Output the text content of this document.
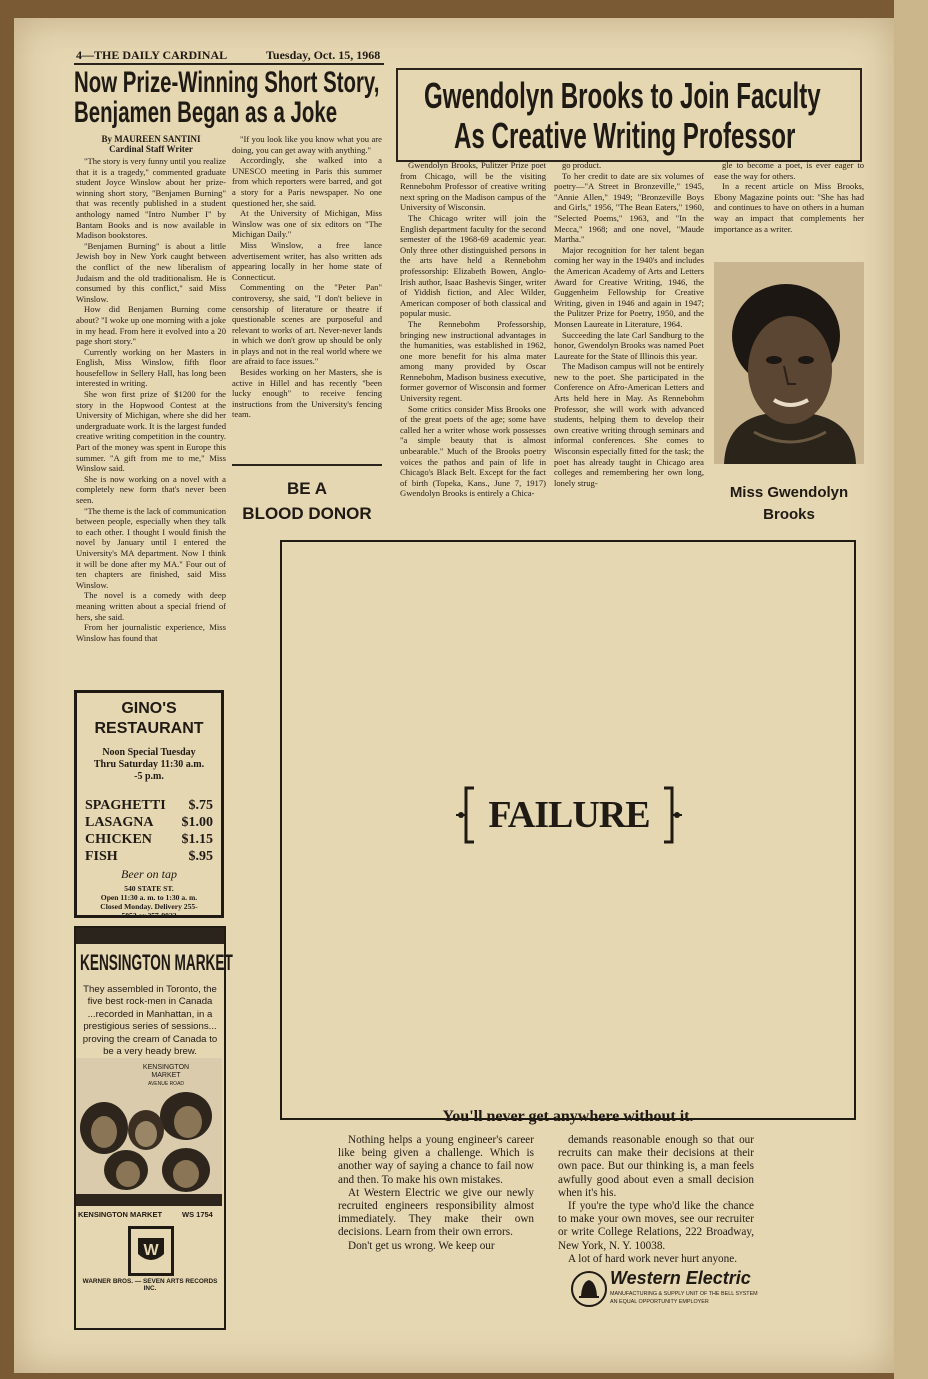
4—THE DAILY CARDINAL	Tuesday, Oct. 15, 1968
Now Prize-Winning Short Story,
Benjamen Began as a Joke
By MAUREEN SANTINI
Cardinal Staff Writer

"The story is very funny until you realize that it is a tragedy," commented graduate student Joyce Winslow about her prize-winning short story, "Benjamen Burning" that was recently published in a student anthology named "Intro Number I" by Bantam Books and is now available in Madison bookstores.

"Benjamen Burning" is about a little Jewish boy in New York caught between the conflict of the new liberalism of Judaism and the old traditionalism. He is consumed by this conflict," said Miss Winslow.

How did Benjamen Burning come about? "I woke up one morning with a joke in my head. From here it evolved into a 20 page short story."

Currently working on her Masters in English, Miss Winslow, fifth floor housefellow in Sellery Hall, has long been interested in writing.

She won first prize of $1200 for the story in the Hopwood Contest at the University of Michigan, where she did her undergraduate work. It is the largest funded creative writing competition in the country. Part of the money was spent in Europe this summer. "A gift from me to me," Miss Winslow said.

She is now working on a novel with a completely new form that's never been seen.

"The theme is the lack of communication between people, especially when they talk to each other. I thought I would finish the novel by January until I entered the University's MA department. Now I think it will be done after my MA." Four out of ten chapters are finished, said Miss Winslow.

The novel is a comedy with deep meaning written about a special friend of hers, she said.

From her journalistic experience, Miss Winslow has found that

"If you look like you know what you are doing, you can get away with anything."

Accordingly, she walked into a UNESCO meeting in Paris this summer from which reporters were barred, and got a story for a Paris newspaper. No one questioned her, she said.

At the University of Michigan, Miss Winslow was one of six editors on "The Michigan Daily."

Miss Winslow, a free lance advertisement writer, has also written ads appearing locally in her home state of Connecticut.

Commenting on the "Peter Pan" controversy, she said, "I don't believe in censorship of literature or theatre if questionable scenes are purposeful and relevant to works of art. Never-never lands in which we don't grow up should be only in plays and not in the real world where we are afraid to face issues."

Besides working on her Masters, she is active in Hillel and has recently "been lucky enough" to receive fencing instructions from the University's fencing team.

BE A
BLOOD DONOR
Gwendolyn Brooks to Join Faculty
As Creative Writing Professor

Gwendolyn Brooks, Pulitzer Prize poet from Chicago, will be the visiting Rennebohm Professor of creative writing next spring on the Madison campus of the University of Wisconsin.

The Chicago writer will join the English department faculty for the second semester of the 1968-69 academic year. Only three other distinguished persons in the arts have held a Rennebohm professorship: Elizabeth Bowen, Anglo-Irish author, Isaac Bashevis Singer, writer of Yiddish fiction, and Alec Wilder, American composer of both classical and popular music.

The Rennebohm Professorship, bringing new instructional advantages in the humanities, was established in 1962, one more benefit for his alma mater among many provided by Oscar Rennebohm, Madison business executive, former governor of Wisconsin and former University regent.

Some critics consider Miss Brooks one of the great poets of the age; some have called her a writer whose work possesses "a simple beauty that is almost unbearable." Much of the Brooks poetry voices the pathos and pain of life in Chicago's Black Belt. Except for the fact of birth (Topeka, Kans., June 7, 1917) Gwendolyn Brooks is entirely a Chica-

go product.

To her credit to date are six volumes of poetry—"A Street in Bronzeville," 1945, "Annie Allen," 1949; "Bronzeville Boys and Girls," 1956, "The Bean Eaters," 1960, "Selected Poems," 1963, and "In the Mecca," 1968; and one novel, "Maude Martha."

Major recognition for her talent began coming her way in the 1940's and includes the American Academy of Arts and Letters Award for Creative Writing, 1946, the Guggenheim Fellowship for Creative Writing, given in 1946 and again in 1947; the Pulitzer Prize for Poetry, 1950, and the Monsen Laureate in Literature, 1964.

Succeeding the late Carl Sandburg to the honor, Gwendolyn Brooks was named Poet Laureate for the State of Illinois this year.

The Madison campus will not be entirely new to the poet. She participated in the Conference on Afro-American Letters and Arts held here in May. As Rennebohm Professor, she will work with advanced students, helping them to develop their own creative writing through seminars and informal conferences. She comes to Wisconsin especially fitted for the task; the poet has already taught in Chicago area colleges and remembering her own long, lonely strug-

gle to become a poet, is ever eager to ease the way for others.

In a recent article on Miss Brooks, Ebony Magazine points out: "She has had and continues to have on others in a human way an impact that complements her importance as a writer.

Miss Gwendolyn
Brooks
GINO'S
RESTAURANT
Noon Special Tuesday
Thru Saturday 11:30 a.m.
-5 p.m.
SPAGHETTI $.75
LASAGNA $1.00
CHICKEN $1.15
FISH	$.95
Beer on tap
540 STATE ST.
Open 11:30 a. m. to 1:30 a. m.
Closed Monday. Delivery 255-
5053 or 257-9022
KENSINGTON MARKET
They assembled in Toronto, the five best rock-men in Canada ...recorded in Manhattan, in a prestigious series of sessions... proving the cream of Canada to be a very heady brew.
KENSINGTON
MARKET
AVENUE ROAD
KENSINGTON MARKET	WS 1754
W
WARNER BROS. — SEVEN ARTS RECORDS INC.
FAILURE
You'll never get anywhere without it.

Nothing helps a young engineer's career like being given a challenge. Which is another way of saying a chance to fail now and then. To make his own mistakes.

At Western Electric we give our newly recruited engineers responsibility almost immediately. They make their own decisions. Learn from their own errors.

Don't get us wrong. We keep our

demands reasonable enough so that our recruits can make their decisions at their own pace. But our thinking is, a man feels awfully good about even a small decision when it's his.

If you're the type who'd like the chance to make your own moves, see our recruiter or write College Relations, 222 Broadway, New York, N. Y. 10038.

A lot of hard work never hurt anyone.

Western Electric
MANUFACTURING & SUPPLY UNIT OF THE BELL SYSTEM
AN EQUAL OPPORTUNITY EMPLOYER
